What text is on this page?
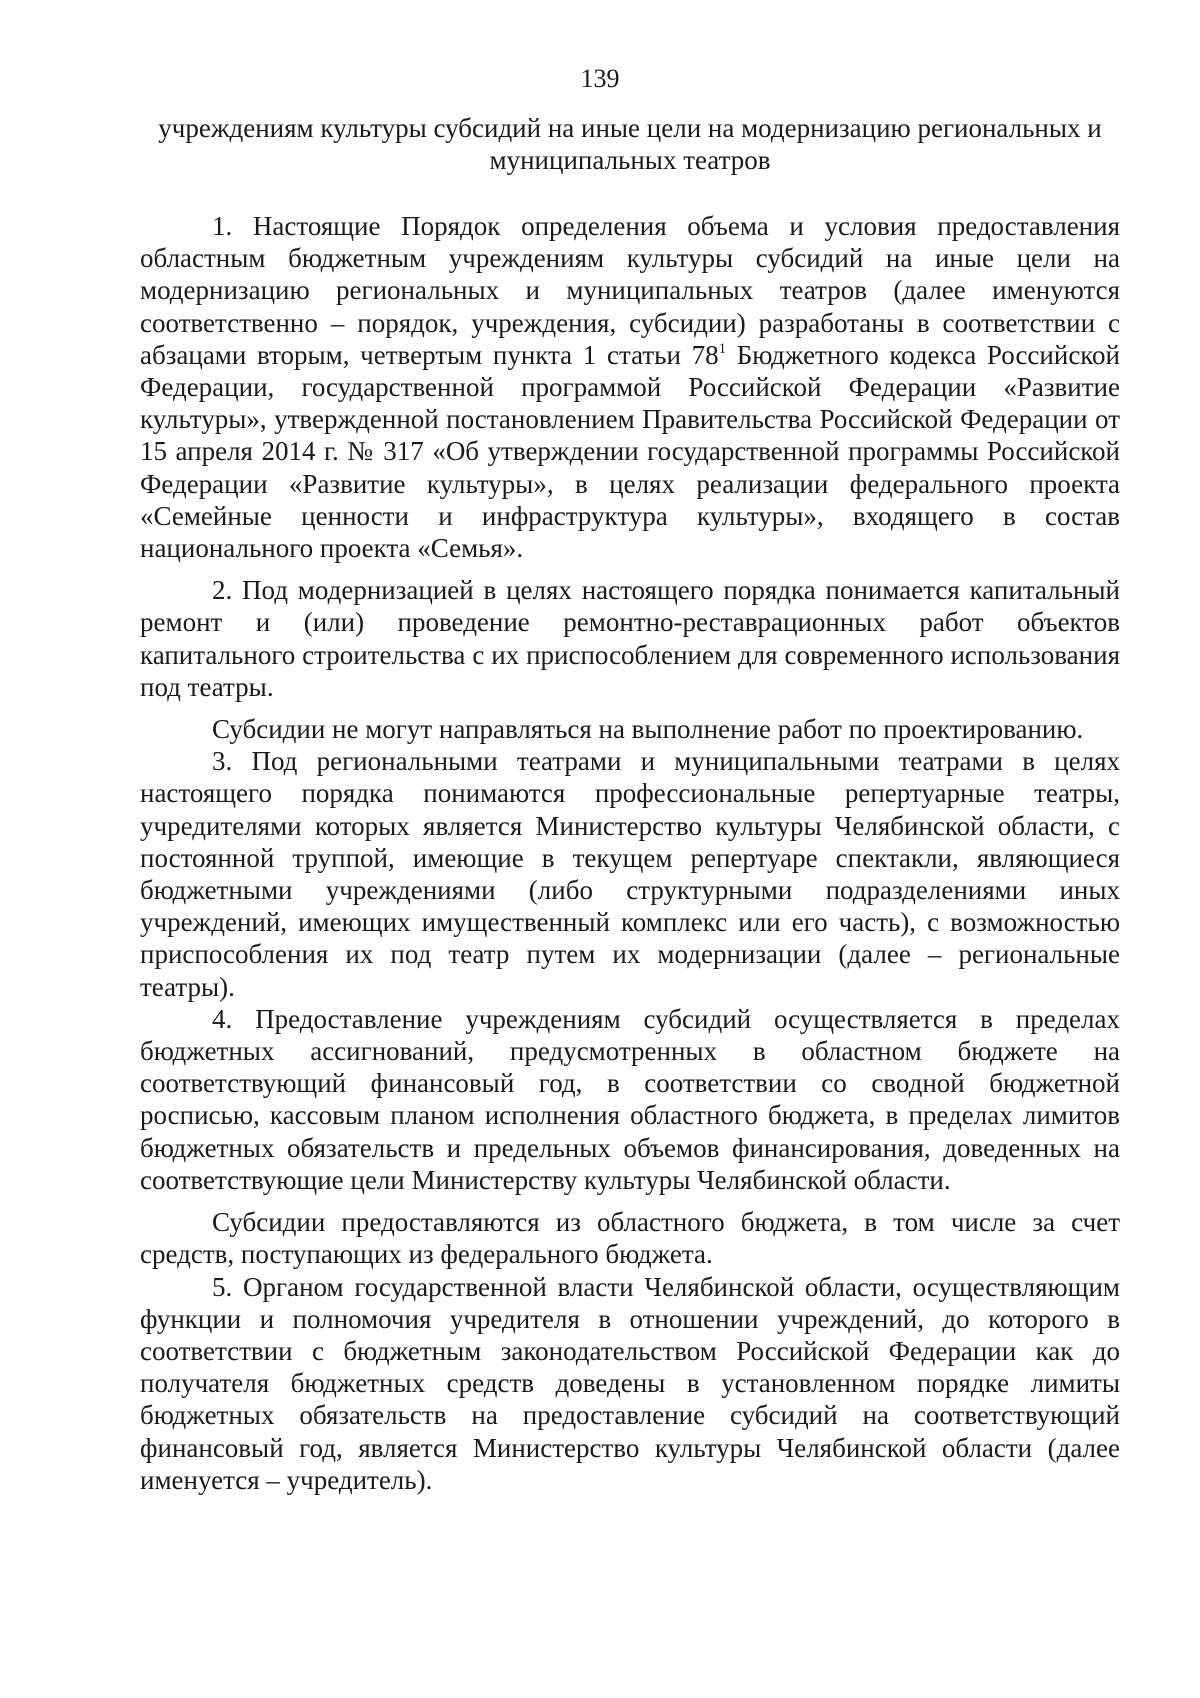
139
учреждениям культуры субсидий на иные цели на модернизацию региональных и муниципальных театров

1. Настоящие Порядок определения объема и условия предоставления областным бюджетным учреждениям культуры субсидий на иные цели на модернизацию региональных и муниципальных театров (далее именуются соответственно – порядок, учреждения, субсидии) разработаны в соответствии с абзацами вторым, четвертым пункта 1 статьи $78^1$ Бюджетного кодекса Российской Федерации, государственной программой Российской Федерации «Развитие культуры», утвержденной постановлением Правительства Российской Федерации от 15 апреля 2014 г. № 317 «Об утверждении государственной программы Российской Федерации «Развитие культуры», в целях реализации федерального проекта «Семейные ценности и инфраструктура культуры», входящего в состав национального проекта «Семья».

2. Под модернизацией в целях настоящего порядка понимается капитальный ремонт и (или) проведение ремонтно-реставрационных работ объектов капитального строительства с их приспособлением для современного использования под театры.

Субсидии не могут направляться на выполнение работ по проектированию.

3. Под региональными театрами и муниципальными театрами в целях настоящего порядка понимаются профессиональные репертуарные театры, учредителями которых является Министерство культуры Челябинской области, с постоянной труппой, имеющие в текущем репертуаре спектакли, являющиеся бюджетными учреждениями (либо структурными подразделениями иных учреждений, имеющих имущественный комплекс или его часть), с возможностью приспособления их под театр путем их модернизации (далее – региональные театры).

4. Предоставление учреждениям субсидий осуществляется в пределах бюджетных ассигнований, предусмотренных в областном бюджете на соответствующий финансовый год, в соответствии со сводной бюджетной росписью, кассовым планом исполнения областного бюджета, в пределах лимитов бюджетных обязательств и предельных объемов финансирования, доведенных на соответствующие цели Министерству культуры Челябинской области.

Субсидии предоставляются из областного бюджета, в том числе за счет средств, поступающих из федерального бюджета.

5. Органом государственной власти Челябинской области, осуществляющим функции и полномочия учредителя в отношении учреждений, до которого в соответствии с бюджетным законодательством Российской Федерации как до получателя бюджетных средств доведены в установленном порядке лимиты бюджетных обязательств на предоставление субсидий на соответствующий финансовый год, является Министерство культуры Челябинской области (далее именуется – учредитель).
